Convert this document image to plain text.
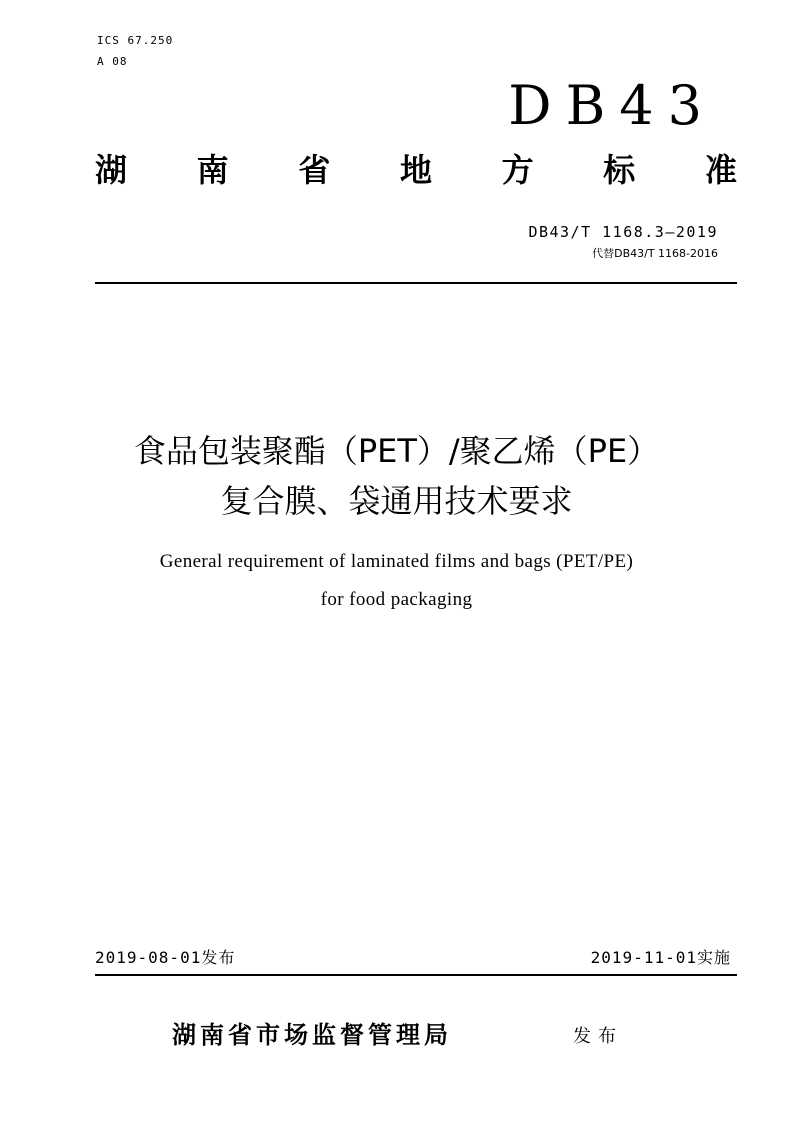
ICS 67.250
A 08
DB43
湖 南 省 地 方 标 准
DB43/T 1168.3—2019
代替DB43/T 1168-2016
食品包装聚酯（PET）/聚乙烯（PE）
复合膜、袋通用技术要求
General requirement of laminated films and bags (PET/PE)
for food packaging
2019-08-01发布	2019-11-01实施
湖南省市场监督管理局	发布
